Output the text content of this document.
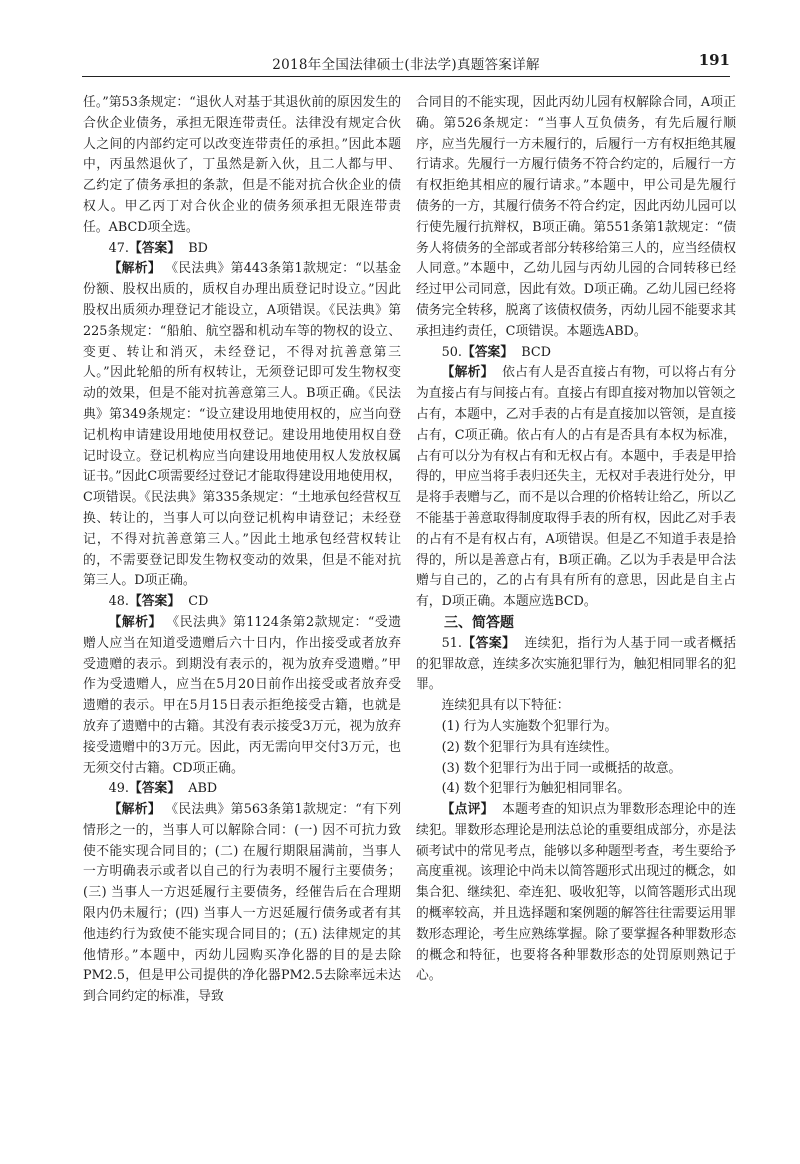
2018年全国法律硕士(非法学)真题答案详解	191

任。”第53条规定：“退伙人对基于其退伙前的原因发生的合伙企业债务，承担无限连带责任。法律没有规定合伙人之间的内部约定可以改变连带责任的承担。”因此本题中，丙虽然退伙了，丁虽然是新入伙，且二人都与甲、乙约定了债务承担的条款，但是不能对抗合伙企业的债权人。甲乙丙丁对合伙企业的债务须承担无限连带责任。ABCD项全选。

47.【答案】 BD

【解析】 《民法典》第443条第1款规定：“以基金份额、股权出质的，质权自办理出质登记时设立。”因此股权出质须办理登记才能设立，A项错误。《民法典》第225条规定：“船舶、航空器和机动车等的物权的设立、变更、转让和消灭，未经登记，不得对抗善意第三人。”因此轮船的所有权转让，无须登记即可发生物权变动的效果，但是不能对抗善意第三人。B项正确。《民法典》第349条规定：“设立建设用地使用权的，应当向登记机构申请建设用地使用权登记。建设用地使用权自登记时设立。登记机构应当向建设用地使用权人发放权属证书。”因此C项需要经过登记才能取得建设用地使用权，C项错误。《民法典》第335条规定：“土地承包经营权互换、转让的，当事人可以向登记机构申请登记；未经登记，不得对抗善意第三人。”因此土地承包经营权转让的，不需要登记即发生物权变动的效果，但是不能对抗第三人。D项正确。

48.【答案】 CD

【解析】 《民法典》第1124条第2款规定：“受遗赠人应当在知道受遗赠后六十日内，作出接受或者放弃受遗赠的表示。到期没有表示的，视为放弃受遗赠。”甲作为受遗赠人，应当在5月20日前作出接受或者放弃受遗赠的表示。甲在5月15日表示拒绝接受古籍，也就是放弃了遗赠中的古籍。其没有表示接受3万元，视为放弃接受遗赠中的3万元。因此，丙无需向甲交付3万元，也无须交付古籍。CD项正确。

49.【答案】 ABD

【解析】 《民法典》第563条第1款规定：“有下列情形之一的，当事人可以解除合同：(一) 因不可抗力致使不能实现合同目的；(二) 在履行期限届满前，当事人一方明确表示或者以自己的行为表明不履行主要债务；(三) 当事人一方迟延履行主要债务，经催告后在合理期限内仍未履行；(四) 当事人一方迟延履行债务或者有其他违约行为致使不能实现合同目的；(五) 法律规定的其他情形。”本题中，丙幼儿园购买净化器的目的是去除PM2.5，但是甲公司提供的净化器PM2.5去除率远未达到合同约定的标准，导致

合同目的不能实现，因此丙幼儿园有权解除合同，A项正确。第526条规定：“当事人互负债务，有先后履行顺序，应当先履行一方未履行的，后履行一方有权拒绝其履行请求。先履行一方履行债务不符合约定的，后履行一方有权拒绝其相应的履行请求。”本题中，甲公司是先履行债务的一方，其履行债务不符合约定，因此丙幼儿园可以行使先履行抗辩权，B项正确。第551条第1款规定：“债务人将债务的全部或者部分转移给第三人的，应当经债权人同意。”本题中，乙幼儿园与丙幼儿园的合同转移已经经过甲公司同意，因此有效。D项正确。乙幼儿园已经将债务完全转移，脱离了该债权债务，丙幼儿园不能要求其承担违约责任，C项错误。本题选ABD。

50.【答案】 BCD

【解析】 依占有人是否直接占有物，可以将占有分为直接占有与间接占有。直接占有即直接对物加以管领之占有，本题中，乙对手表的占有是直接加以管领，是直接占有，C项正确。依占有人的占有是否具有本权为标准，占有可以分为有权占有和无权占有。本题中，手表是甲拾得的，甲应当将手表归还失主，无权对手表进行处分，甲是将手表赠与乙，而不是以合理的价格转让给乙，所以乙不能基于善意取得制度取得手表的所有权，因此乙对手表的占有不是有权占有，A项错误。但是乙不知道手表是拾得的，所以是善意占有，B项正确。乙以为手表是甲合法赠与自己的，乙的占有具有所有的意思，因此是自主占有，D项正确。本题应选BCD。

三、简答题

51.【答案】 连续犯，指行为人基于同一或者概括的犯罪故意，连续多次实施犯罪行为，触犯相同罪名的犯罪。

连续犯具有以下特征：

(1) 行为人实施数个犯罪行为。

(2) 数个犯罪行为具有连续性。

(3) 数个犯罪行为出于同一或概括的故意。

(4) 数个犯罪行为触犯相同罪名。

【点评】 本题考查的知识点为罪数形态理论中的连续犯。罪数形态理论是刑法总论的重要组成部分，亦是法硕考试中的常见考点，能够以多种题型考查，考生要给予高度重视。该理论中尚未以简答题形式出现过的概念，如集合犯、继续犯、牵连犯、吸收犯等，以简答题形式出现的概率较高，并且选择题和案例题的解答往往需要运用罪数形态理论，考生应熟练掌握。除了要掌握各种罪数形态的概念和特征，也要将各种罪数形态的处罚原则熟记于心。
